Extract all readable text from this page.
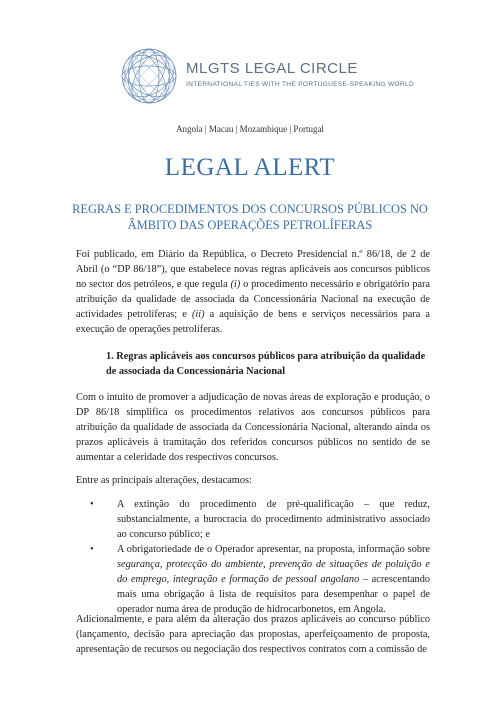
MLGTS LEGAL CIRCLE
INTERNATIONAL TIES WITH THE PORTUGUESE-SPEAKING WORLD
Angola | Macau | Mozambique | Portugal
LEGAL ALERT
REGRAS E PROCEDIMENTOS DOS CONCURSOS PÚBLICOS NO ÂMBITO DAS OPERAÇÕES PETROLÍFERAS
Foi publicado, em Diário da República, o Decreto Presidencial n.º 86/18, de 2 de Abril (o “DP 86/18”), que estabelece novas regras aplicáveis aos concursos públicos no sector dos petróleos, e que regula (i) o procedimento necessário e obrigatório para atribuição da qualidade de associada da Concessionária Nacional na execução de actividades petrolíferas; e (ii) a aquisição de bens e serviços necessários para a execução de operações petrolíferas.
1. Regras aplicáveis aos concursos públicos para atribuição da qualidade de associada da Concessionária Nacional
Com o intuito de promover a adjudicação de novas áreas de exploração e produção, o DP 86/18 simplifica os procedimentos relativos aos concursos públicos para atribuição da qualidade de associada da Concessionária Nacional, alterando ainda os prazos aplicáveis à tramitação dos referidos concursos públicos no sentido de se aumentar a celeridade dos respectivos concursos.
Entre as principais alterações, destacamos:
• A extinção do procedimento de pré-qualificação – que reduz, substancialmente, a burocracia do procedimento administrativo associado ao concurso público; e
• A obrigatoriedade de o Operador apresentar, na proposta, informação sobre segurança, protecção do ambiente, prevenção de situações de poluição e do emprego, integração e formação de pessoal angolano – acrescentando mais uma obrigação à lista de requisitos para desempenhar o papel de operador numa área de produção de hidrocarbonetos, em Angola.
Adicionalmente, e para além da alteração dos prazos aplicáveis ao concurso público (lançamento, decisão para apreciação das propostas, aperfeiçoamento de proposta, apresentação de recursos ou negociação dos respectivos contratos com a comissão de
